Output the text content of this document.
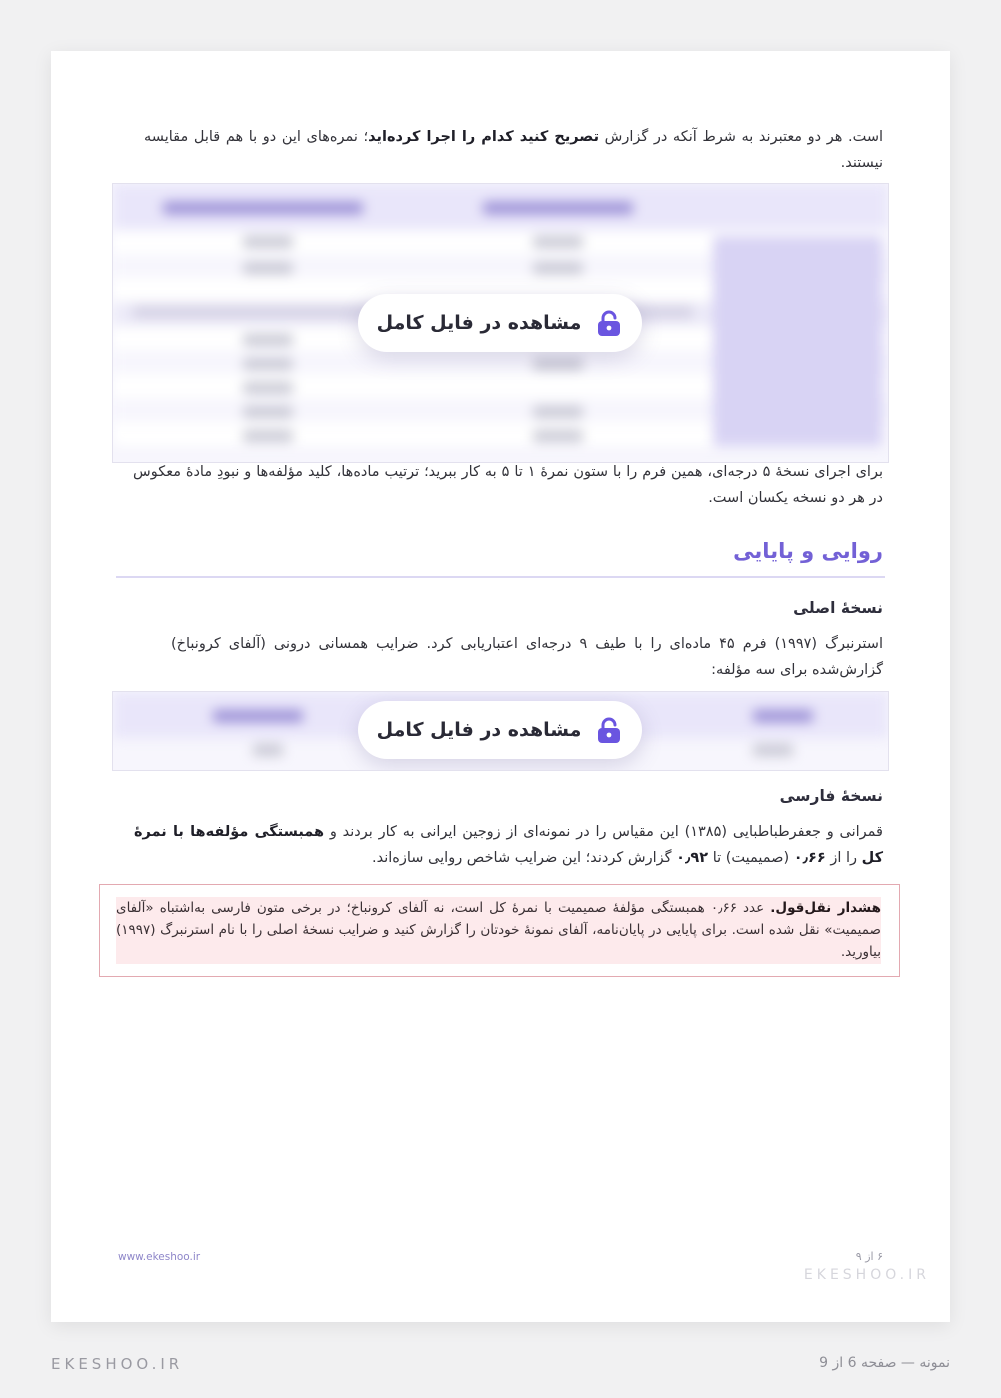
است. هر دو معتبرند به شرط آنکه در گزارش تصریح کنید کدام را اجرا کرده‌اید؛ نمره‌های این دو با هم قابل مقایسه نیستند.
مشاهده در فایل کامل
برای اجرای نسخهٔ ۵ درجه‌ای، همین فرم را با ستون نمرهٔ ۱ تا ۵ به کار ببرید؛ ترتیب ماده‌ها، کلید مؤلفه‌ها و نبودِ مادهٔ معکوس در هر دو نسخه یکسان است.
روایی و پایایی
نسخهٔ اصلی
استرنبرگ (۱۹۹۷) فرم ۴۵ ماده‌ای را با طیف ۹ درجه‌ای اعتباریابی کرد. ضرایب همسانی درونی (آلفای کرونباخ) گزارش‌شده برای سه مؤلفه:
مشاهده در فایل کامل
نسخهٔ فارسی
قمرانی و جعفرطباطبایی (۱۳۸۵) این مقیاس را در نمونه‌ای از زوجین ایرانی به کار بردند و همبستگی مؤلفه‌ها با نمرهٔ کل را از ۰٫۶۶ (صمیمیت) تا ۰٫۹۲ گزارش کردند؛ این ضرایب شاخص روایی سازه‌اند.
هشدار نقل‌قول. عدد ۰٫۶۶ همبستگی مؤلفهٔ صمیمیت با نمرهٔ کل است، نه آلفای کرونباخ؛ در برخی متون فارسی به‌اشتباه «آلفای صمیمیت» نقل شده است. برای پایایی در پایان‌نامه، آلفای نمونهٔ خودتان را گزارش کنید و ضرایب نسخهٔ اصلی را با نام استرنبرگ (۱۹۹۷) بیاورید.
www.ekeshoo.ir	۶ از ۹
EKESHOO.IR
EKESHOO.IR	نمونه — صفحه 6 از 9
